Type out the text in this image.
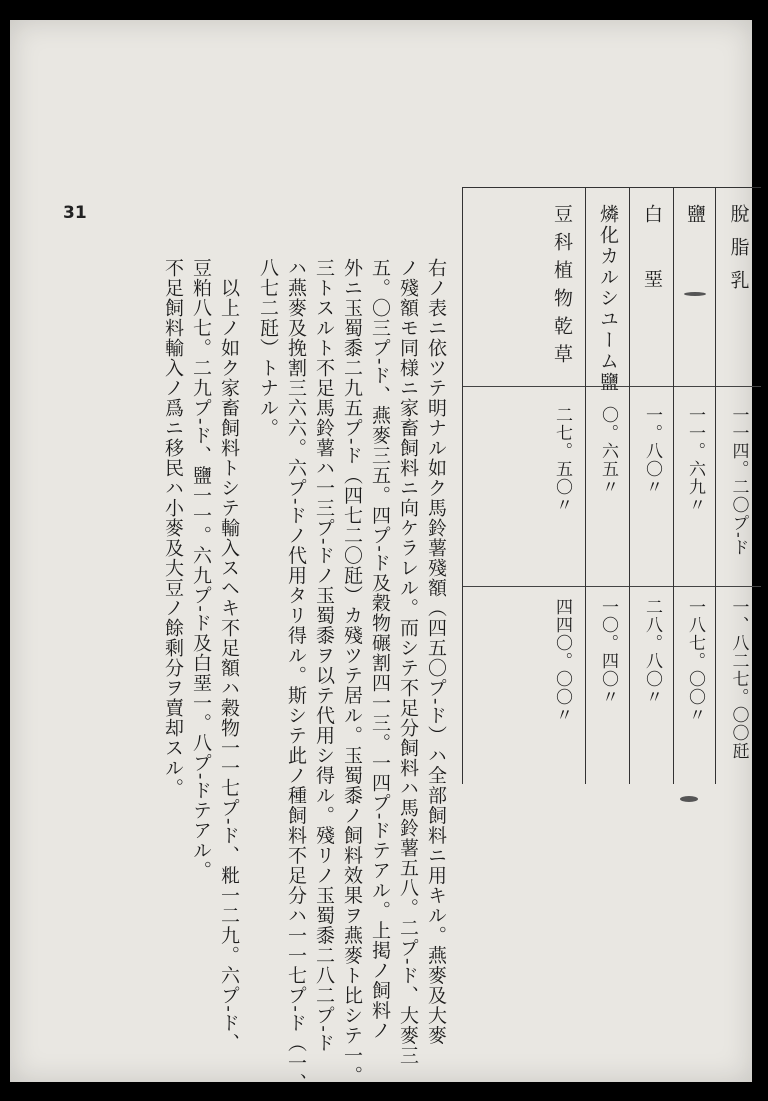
31	脫脂乳
一一四。二〇プ‐ド
一、八二七。〇〇瓩
鹽
一一。六九〃
一八七。〇〇〃
白堊
一。八〇〃
二八。八〇〃
燐化カルシユーム鹽
〇。六五〃
一〇。四〇〃
豆科植物乾草
二七。五〇〃
四四〇。〇〇〃
右ノ表ニ依ツテ明ナル如ク馬鈴薯殘額（四五〇プ‐ド）ハ全部飼料ニ用キル。燕麥及大麥
ノ殘額モ同様ニ家畜飼料ニ向ケラレル。而シテ不足分飼料ハ馬鈴薯五八。二プ‐ド、大麥三
五。〇三プ‐ド、燕麥三五。四プ‐ド及穀物碾割四一三。一四プ‐ドテアル。上掲ノ飼料ノ
外ニ玉蜀黍二九五プ‐ド（四七二〇瓩）カ殘ツテ居ル。玉蜀黍ノ飼料效果ヲ燕麥ト比シテ一。
三トスルト不足馬鈴薯ハ一三プ‐ドノ玉蜀黍ヲ以テ代用シ得ル。殘リノ玉蜀黍二八二プ‐ド
ハ燕麥及挽割三六六。六プ‐ドノ代用タリ得ル。斯シテ此ノ種飼料不足分ハ一一七プ‐ド（一、
八七二瓩）トナル。
以上ノ如ク家畜飼料トシテ輸入スヘキ不足額ハ穀物一一七プ‐ド、粃一二九。六プ‐ド、
豆粕八七。二九プ‐ド、鹽一一。六九プ‐ド及白堊一。八プ‐ドテアル。
不足飼料輸入ノ爲ニ移民ハ小麥及大豆ノ餘剩分ヲ賣却スル。
